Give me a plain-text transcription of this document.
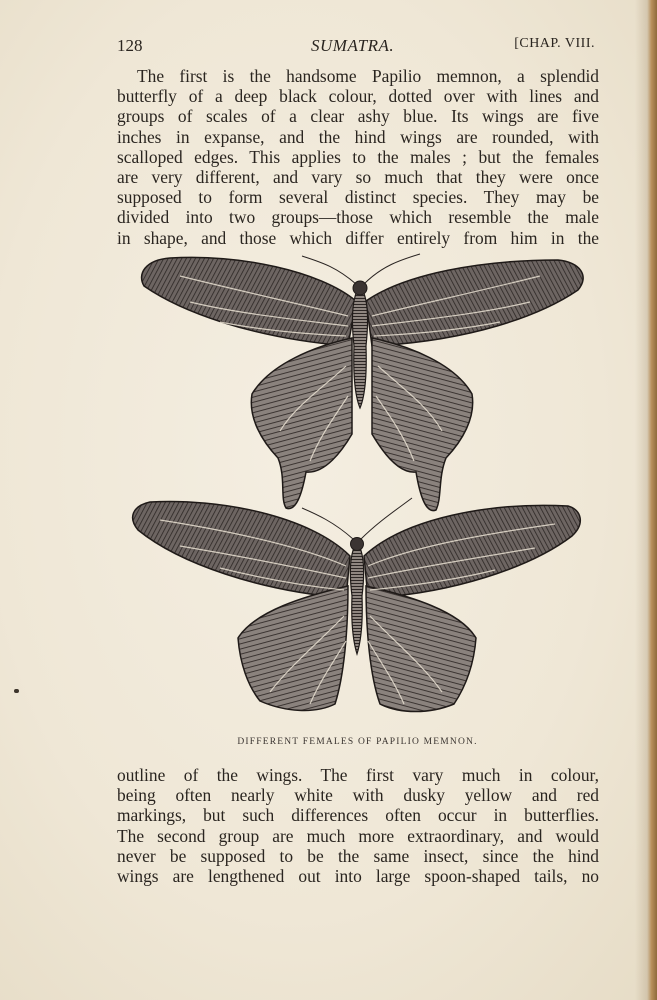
128	SUMATRA.	[CHAP. VIII.

The first is the handsome Papilio memnon, a splendid
butterfly of a deep black colour, dotted over with lines and
groups of scales of a clear ashy blue. Its wings are five
inches in expanse, and the hind wings are rounded, with
scalloped edges. This applies to the males ; but the females
are very different, and vary so much that they were once
supposed to form several distinct species. They may be
divided into two groups—those which resemble the male
in shape, and those which differ entirely from him in the

DIFFERENT FEMALES OF PAPILIO MEMNON.

outline of the wings. The first vary much in colour,
being often nearly white with dusky yellow and red
markings, but such differences often occur in butterflies.
The second group are much more extraordinary, and would
never be supposed to be the same insect, since the hind
wings are lengthened out into large spoon-shaped tails, no
